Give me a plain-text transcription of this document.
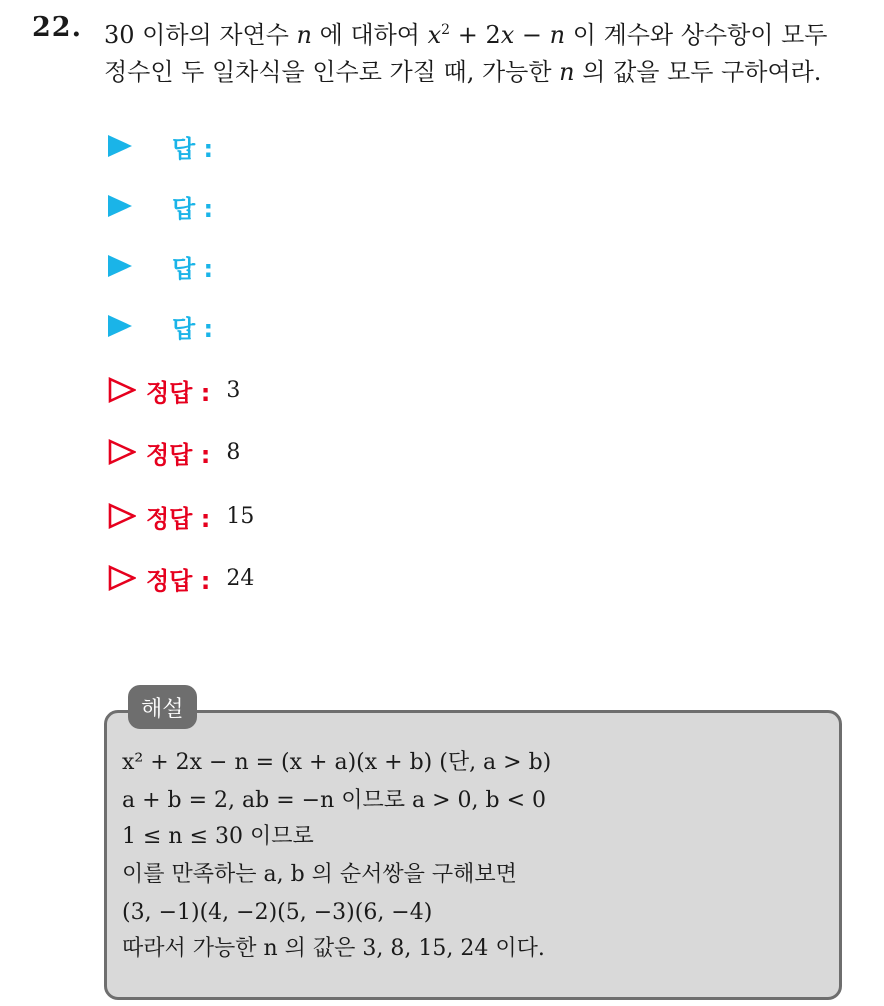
22. 30 이하의 자연수 n 에 대하여 $x^2 + 2x - n$ 이 계수와 상수항이 모두
정수인 두 일차식을 인수로 가질 때, 가능한 n 의 값을 모두 구하여라.
답 :
답 :
답 :
답 :
정답 : 3
정답 : 8
정답 : 15
정답 : 24
해설
x² + 2x − n = (x + a)(x + b) (단, a > b)
a + b = 2, ab = −n 이므로 a > 0, b < 0
1 ≤ n ≤ 30 이므로
이를 만족하는 a, b 의 순서쌍을 구해보면
(3, −1)(4, −2)(5, −3)(6, −4)
따라서 가능한 n 의 값은 3, 8, 15, 24 이다.
